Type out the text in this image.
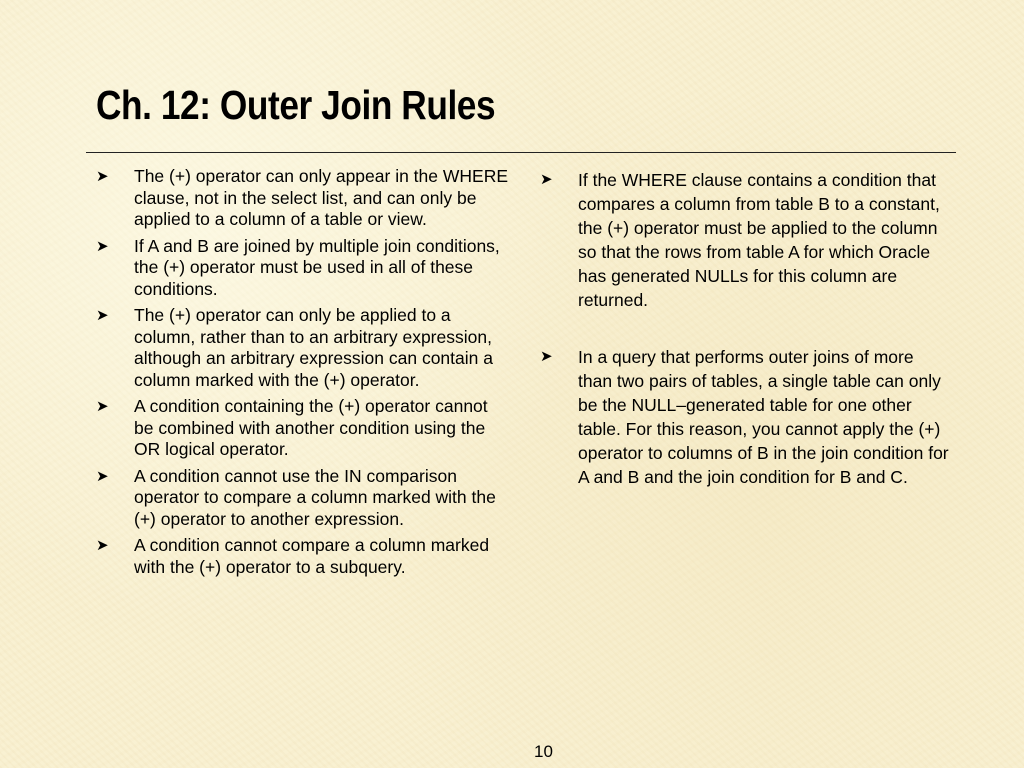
Ch. 12: Outer Join Rules
➤ The (+) operator can only appear in the WHERE clause, not in the select list, and can only be applied to a column of a table or view.
➤ If A and B are joined by multiple join conditions, the (+) operator must be used in all of these conditions.
➤ The (+) operator can only be applied to a column, rather than to an arbitrary expression, although an arbitrary expression can contain a column marked with the (+) operator.
➤ A condition containing the (+) operator cannot be combined with another condition using the OR logical operator.
➤ A condition cannot use the IN comparison operator to compare a column marked with the (+) operator to another expression.
➤ A condition cannot compare a column marked with the (+) operator to a subquery.
➤ If the WHERE clause contains a condition that compares a column from table B to a constant, the (+) operator must be applied to the column so that the rows from table A for which Oracle has generated NULLs for this column are returned.
➤ In a query that performs outer joins of more than two pairs of tables, a single table can only be the NULL–generated table for one other table. For this reason, you cannot apply the (+) operator to columns of B in the join condition for A and B and the join condition for B and C.
10
